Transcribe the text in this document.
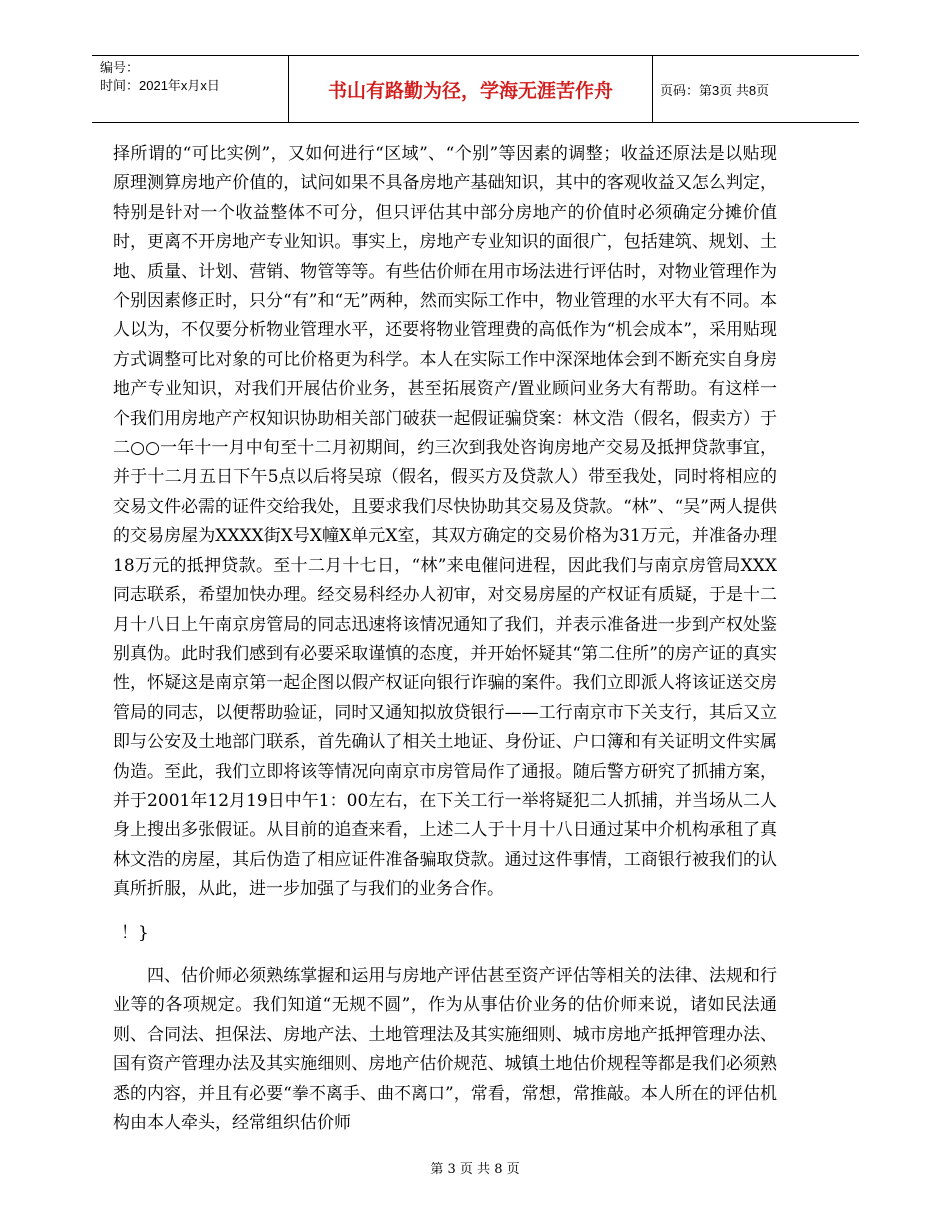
编号：
时间：2021年x月x日	书山有路勤为径，学海无涯苦作舟	页码：第3页 共8页

择所谓的“可比实例”，又如何进行“区域”、“个别”等因素的调整；收益还原法是以贴现原理测算房地产价值的，试问如果不具备房地产基础知识，其中的客观收益又怎么判定，特别是针对一个收益整体不可分，但只评估其中部分房地产的价值时必须确定分摊价值时，更离不开房地产专业知识。事实上，房地产专业知识的面很广，包括建筑、规划、土地、质量、计划、营销、物管等等。有些估价师在用市场法进行评估时，对物业管理作为个别因素修正时，只分“有”和“无”两种，然而实际工作中，物业管理的水平大有不同。本人以为，不仅要分析物业管理水平，还要将物业管理费的高低作为“机会成本”，采用贴现方式调整可比对象的可比价格更为科学。本人在实际工作中深深地体会到不断充实自身房地产专业知识，对我们开展估价业务，甚至拓展资产/置业顾问业务大有帮助。有这样一个我们用房地产产权知识协助相关部门破获一起假证骗贷案：林文浩（假名，假卖方）于二○○一年十一月中旬至十二月初期间，约三次到我处咨询房地产交易及抵押贷款事宜，并于十二月五日下午5点以后将吴琼（假名，假买方及贷款人）带至我处，同时将相应的交易文件必需的证件交给我处，且要求我们尽快协助其交易及贷款。“林”、“吴”两人提供的交易房屋为XXXX街X号X幢X单元X室，其双方确定的交易价格为31万元，并准备办理18万元的抵押贷款。至十二月十七日，“林”来电催问进程，因此我们与南京房管局XXX同志联系，希望加快办理。经交易科经办人初审，对交易房屋的产权证有质疑，于是十二月十八日上午南京房管局的同志迅速将该情况通知了我们，并表示准备进一步到产权处鉴别真伪。此时我们感到有必要采取谨慎的态度，并开始怀疑其“第二住所”的房产证的真实性，怀疑这是南京第一起企图以假产权证向银行诈骗的案件。我们立即派人将该证送交房管局的同志，以便帮助验证，同时又通知拟放贷银行——工行南京市下关支行，其后又立即与公安及土地部门联系，首先确认了相关土地证、身份证、户口簿和有关证明文件实属伪造。至此，我们立即将该等情况向南京市房管局作了通报。随后警方研究了抓捕方案，并于2001年12月19日中午1：00左右，在下关工行一举将疑犯二人抓捕，并当场从二人身上搜出多张假证。从目前的追查来看，上述二人于十月十八日通过某中介机构承租了真林文浩的房屋，其后伪造了相应证件准备骗取贷款。通过这件事情，工商银行被我们的认真所折服，从此，进一步加强了与我们的业务合作。

！}

四、估价师必须熟练掌握和运用与房地产评估甚至资产评估等相关的法律、法规和行业等的各项规定。我们知道“无规不圆”，作为从事估价业务的估价师来说，诸如民法通则、合同法、担保法、房地产法、土地管理法及其实施细则、城市房地产抵押管理办法、国有资产管理办法及其实施细则、房地产估价规范、城镇土地估价规程等都是我们必须熟悉的内容，并且有必要“拳不离手、曲不离口”，常看，常想，常推敲。本人所在的评估机构由本人牵头，经常组织估价师

第 3 页 共 8 页
